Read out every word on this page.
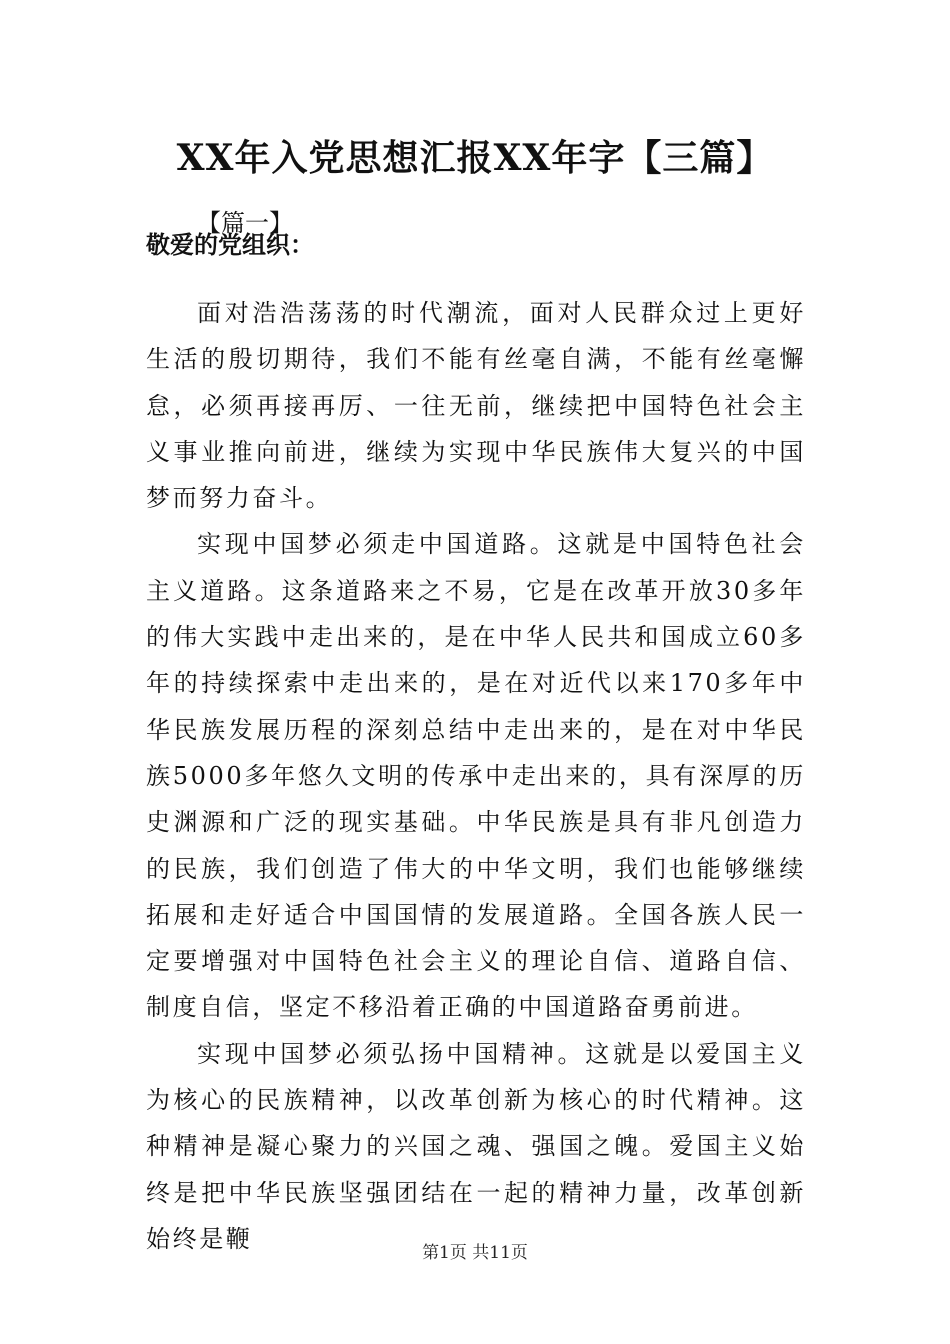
XX年入党思想汇报XX年字【三篇】
【篇一】
敬爱的党组织：

面对浩浩荡荡的时代潮流，面对人民群众过上更好生活的殷切期待，我们不能有丝毫自满，不能有丝毫懈怠，必须再接再厉、一往无前，继续把中国特色社会主义事业推向前进，继续为实现中华民族伟大复兴的中国梦而努力奋斗。

实现中国梦必须走中国道路。这就是中国特色社会主义道路。这条道路来之不易，它是在改革开放30多年的伟大实践中走出来的，是在中华人民共和国成立60多年的持续探索中走出来的，是在对近代以来170多年中华民族发展历程的深刻总结中走出来的，是在对中华民族5000多年悠久文明的传承中走出来的，具有深厚的历史渊源和广泛的现实基础。中华民族是具有非凡创造力的民族，我们创造了伟大的中华文明，我们也能够继续拓展和走好适合中国国情的发展道路。全国各族人民一定要增强对中国特色社会主义的理论自信、道路自信、制度自信，坚定不移沿着正确的中国道路奋勇前进。

实现中国梦必须弘扬中国精神。这就是以爱国主义为核心的民族精神，以改革创新为核心的时代精神。这种精神是凝心聚力的兴国之魂、强国之魄。爱国主义始终是把中华民族坚强团结在一起的精神力量，改革创新始终是鞭

第1页 共11页
